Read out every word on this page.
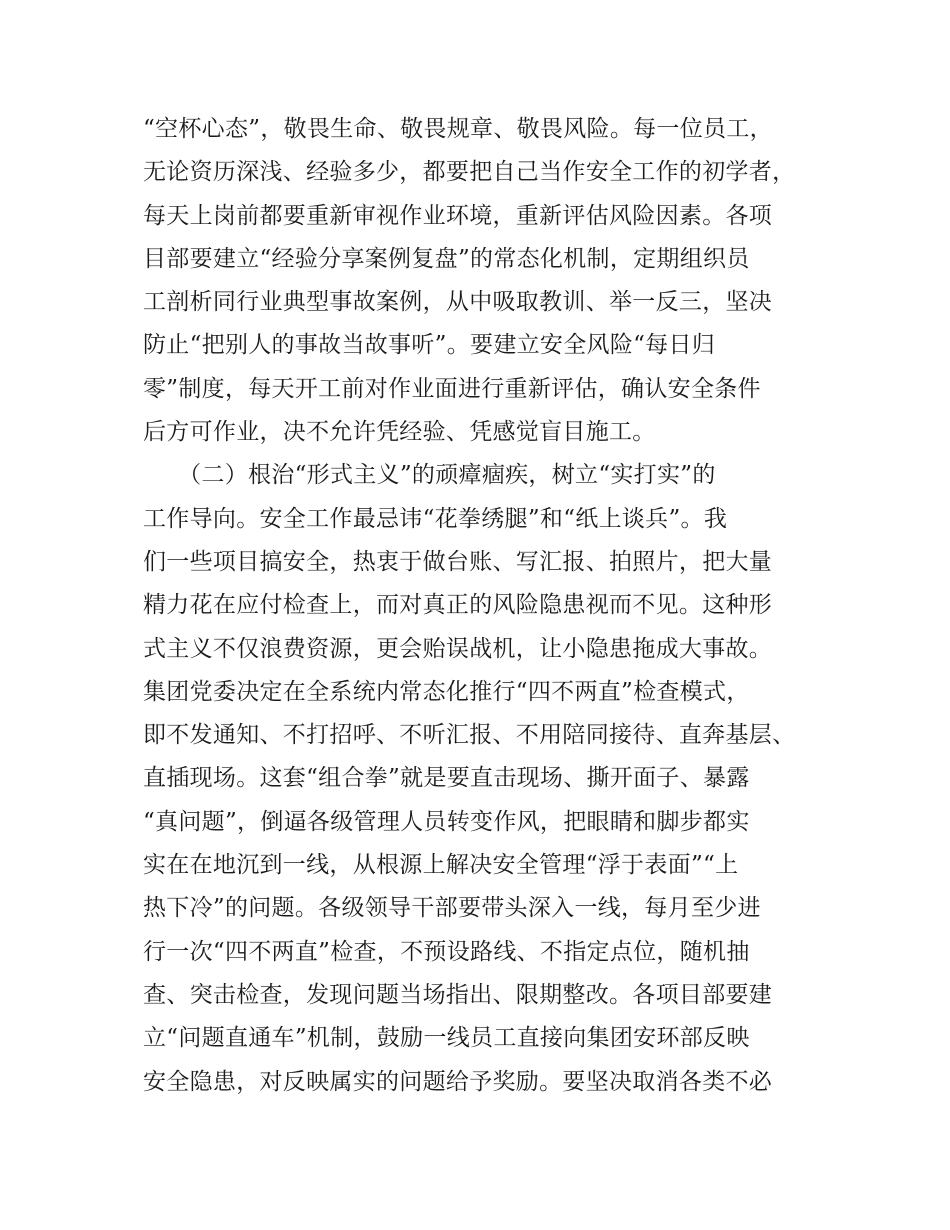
“空杯心态”，敬畏生命、敬畏规章、敬畏风险。每一位员工，
无论资历深浅、经验多少，都要把自己当作安全工作的初学者，
每天上岗前都要重新审视作业环境，重新评估风险因素。各项
目部要建立“经验分享案例复盘”的常态化机制，定期组织员
工剖析同行业典型事故案例，从中吸取教训、举一反三，坚决
防止“把别人的事故当故事听”。要建立安全风险“每日归
零”制度，每天开工前对作业面进行重新评估，确认安全条件
后方可作业，决不允许凭经验、凭感觉盲目施工。
　　（二）根治“形式主义”的顽瘴痼疾，树立“实打实”的
工作导向。安全工作最忌讳“花拳绣腿”和“纸上谈兵”。我
们一些项目搞安全，热衷于做台账、写汇报、拍照片，把大量
精力花在应付检查上，而对真正的风险隐患视而不见。这种形
式主义不仅浪费资源，更会贻误战机，让小隐患拖成大事故。
集团党委决定在全系统内常态化推行“四不两直”检查模式，
即不发通知、不打招呼、不听汇报、不用陪同接待、直奔基层、
直插现场。这套“组合拳”就是要直击现场、撕开面子、暴露
“真问题”，倒逼各级管理人员转变作风，把眼睛和脚步都实
实在在地沉到一线，从根源上解决安全管理“浮于表面”“上
热下冷”的问题。各级领导干部要带头深入一线，每月至少进
行一次“四不两直”检查，不预设路线、不指定点位，随机抽
查、突击检查，发现问题当场指出、限期整改。各项目部要建
立“问题直通车”机制，鼓励一线员工直接向集团安环部反映
安全隐患，对反映属实的问题给予奖励。要坚决取消各类不必
